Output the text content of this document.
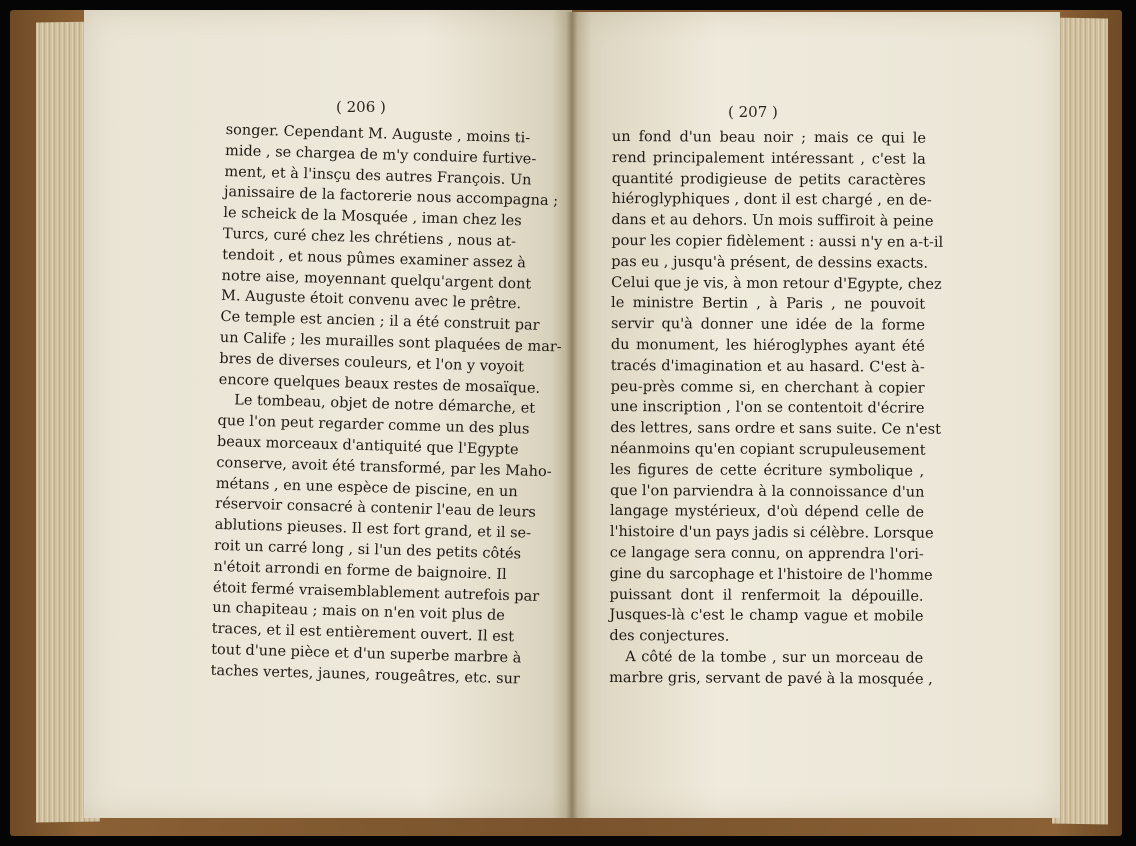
( 206 )	( 207 )
songer. Cependant M. Auguste , moins ti-
mide , se chargea de m'y conduire furtive-
ment, et à l'insçu des autres François. Un
janissaire de la factorerie nous accompagna ;
le scheick de la Mosquée , iman chez les
Turcs, curé chez les chrétiens , nous at-
tendoit , et nous pûmes examiner assez à
notre aise, moyennant quelqu'argent dont
M. Auguste étoit convenu avec le prêtre.
Ce temple est ancien ; il a été construit par
un Calife ; les murailles sont plaquées de mar-
bres de diverses couleurs, et l'on y voyoit
encore quelques beaux restes de mosaïque.
Le tombeau, objet de notre démarche, et
que l'on peut regarder comme un des plus
beaux morceaux d'antiquité que l'Egypte
conserve, avoit été transformé, par les Maho-
métans , en une espèce de piscine, en un
réservoir consacré à contenir l'eau de leurs
ablutions pieuses. Il est fort grand, et il se-
roit un carré long , si l'un des petits côtés
n'étoit arrondi en forme de baignoire. Il
étoit fermé vraisemblablement autrefois par
un chapiteau ; mais on n'en voit plus de
traces, et il est entièrement ouvert. Il est
tout d'une pièce et d'un superbe marbre à
taches vertes, jaunes, rougeâtres, etc. sur
un fond d'un beau noir ; mais ce qui le
rend principalement intéressant , c'est la
quantité prodigieuse de petits caractères
hiéroglyphiques , dont il est chargé , en de-
dans et au dehors. Un mois suffiroit à peine
pour les copier fidèlement : aussi n'y en a-t-il
pas eu , jusqu'à présent, de dessins exacts.
Celui que je vis, à mon retour d'Egypte, chez
le ministre Bertin , à Paris , ne pouvoit
servir qu'à donner une idée de la forme
du monument, les hiéroglyphes ayant été
tracés d'imagination et au hasard. C'est à-
peu-près comme si, en cherchant à copier
une inscription , l'on se contentoit d'écrire
des lettres, sans ordre et sans suite. Ce n'est
néanmoins qu'en copiant scrupuleusement
les figures de cette écriture symbolique ,
que l'on parviendra à la connoissance d'un
langage mystérieux, d'où dépend celle de
l'histoire d'un pays jadis si célèbre. Lorsque
ce langage sera connu, on apprendra l'ori-
gine du sarcophage et l'histoire de l'homme
puissant dont il renfermoit la dépouille.
Jusques-là c'est le champ vague et mobile
des conjectures.
A côté de la tombe , sur un morceau de
marbre gris, servant de pavé à la mosquée ,
